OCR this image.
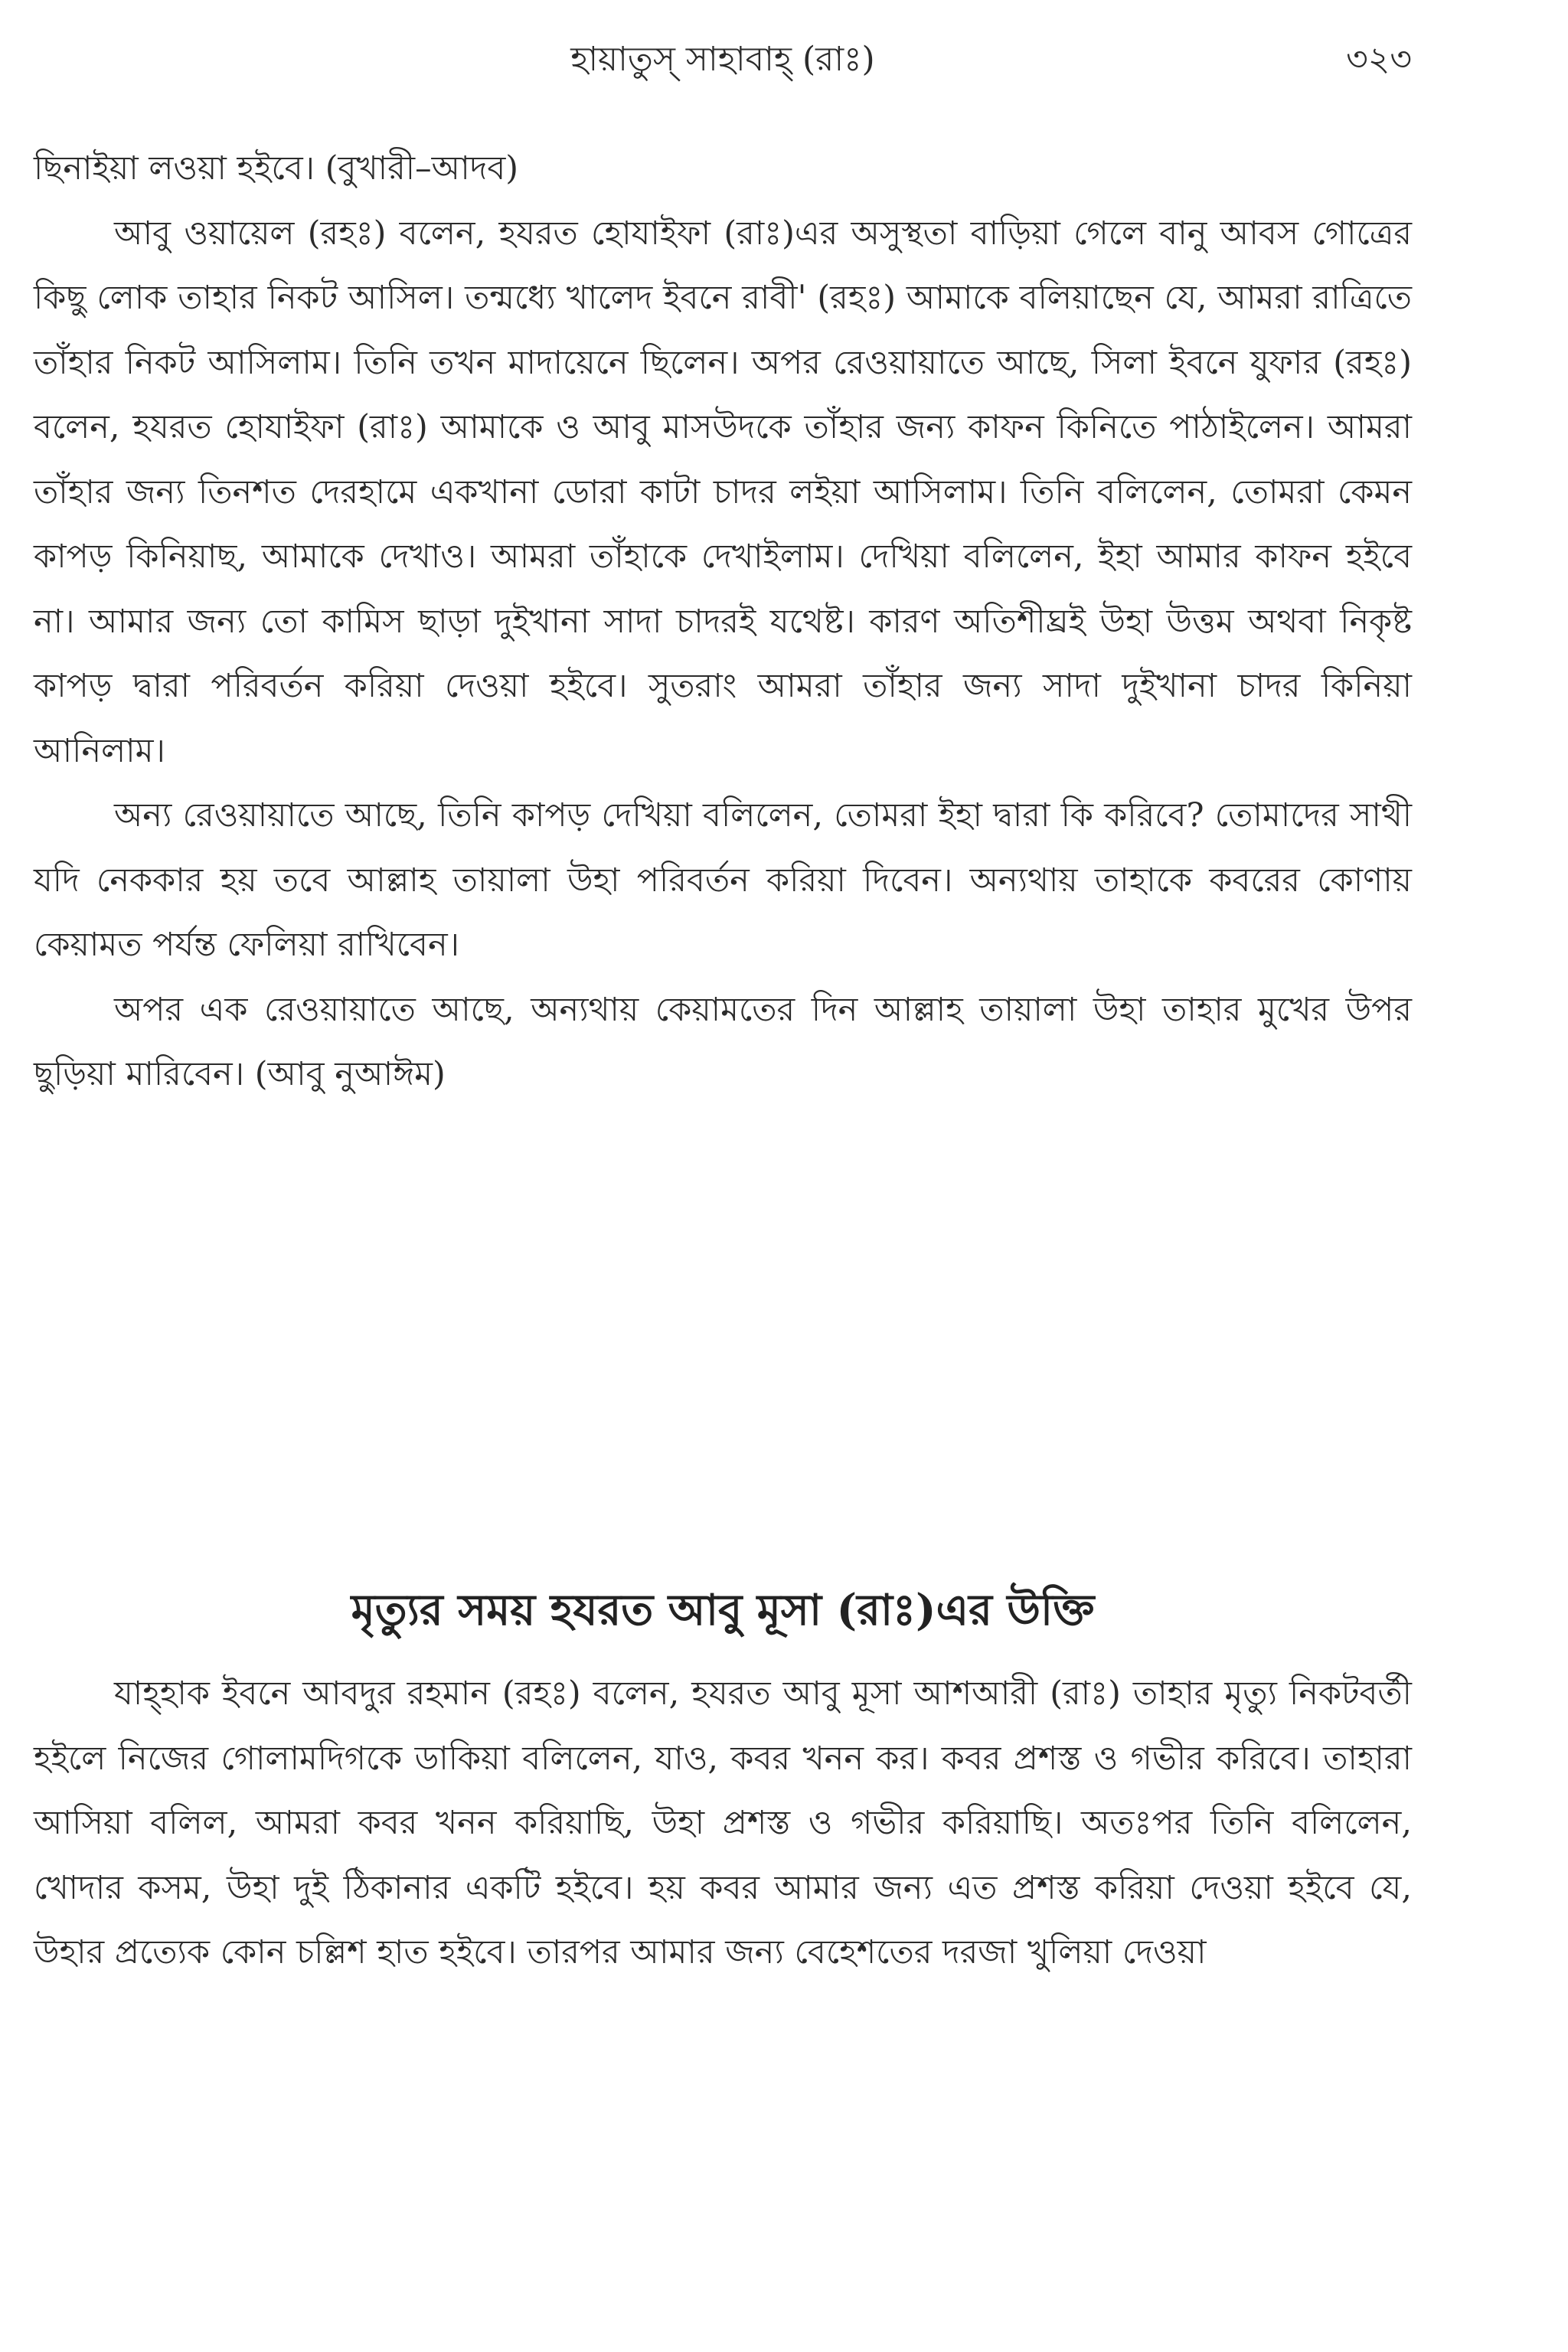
হায়াতুস্ সাহাবাহ্ (রাঃ)	৩২৩

ছিনাইয়া লওয়া হইবে। (বুখারী–আদব)

আবু ওয়ায়েল (রহঃ) বলেন, হযরত হোযাইফা (রাঃ)এর অসুস্থতা বাড়িয়া গেলে বানু আবস গোত্রের কিছু লোক তাহার নিকট আসিল। তন্মধ্যে খালেদ ইবনে রাবী' (রহঃ) আমাকে বলিয়াছেন যে, আমরা রাত্রিতে তাঁহার নিকট আসিলাম। তিনি তখন মাদায়েনে ছিলেন। অপর রেওয়ায়াতে আছে, সিলা ইবনে যুফার (রহঃ) বলেন, হযরত হোযাইফা (রাঃ) আমাকে ও আবু মাসউদকে তাঁহার জন্য কাফন কিনিতে পাঠাইলেন। আমরা তাঁহার জন্য তিনশত দেরহামে একখানা ডোরা কাটা চাদর লইয়া আসিলাম। তিনি বলিলেন, তোমরা কেমন কাপড় কিনিয়াছ, আমাকে দেখাও। আমরা তাঁহাকে দেখাইলাম। দেখিয়া বলিলেন, ইহা আমার কাফন হইবে না। আমার জন্য তো কামিস ছাড়া দুইখানা সাদা চাদরই যথেষ্ট। কারণ অতিশীঘ্রই উহা উত্তম অথবা নিকৃষ্ট কাপড় দ্বারা পরিবর্তন করিয়া দেওয়া হইবে। সুতরাং আমরা তাঁহার জন্য সাদা দুইখানা চাদর কিনিয়া আনিলাম।

অন্য রেওয়ায়াতে আছে, তিনি কাপড় দেখিয়া বলিলেন, তোমরা ইহা দ্বারা কি করিবে? তোমাদের সাথী যদি নেককার হয় তবে আল্লাহ তায়ালা উহা পরিবর্তন করিয়া দিবেন। অন্যথায় তাহাকে কবরের কোণায় কেয়ামত পর্যন্ত ফেলিয়া রাখিবেন।

অপর এক রেওয়ায়াতে আছে, অন্যথায় কেয়ামতের দিন আল্লাহ তায়ালা উহা তাহার মুখের উপর ছুড়িয়া মারিবেন। (আবু নুআঈম)

মৃত্যুর সময় হযরত আবু মূসা (রাঃ)এর উক্তি

যাহ্হাক ইবনে আবদুর রহমান (রহঃ) বলেন, হযরত আবু মূসা আশআরী (রাঃ) তাহার মৃত্যু নিকটবর্তী হইলে নিজের গোলামদিগকে ডাকিয়া বলিলেন, যাও, কবর খনন কর। কবর প্রশস্ত ও গভীর করিবে। তাহারা আসিয়া বলিল, আমরা কবর খনন করিয়াছি, উহা প্রশস্ত ও গভীর করিয়াছি। অতঃপর তিনি বলিলেন, খোদার কসম, উহা দুই ঠিকানার একটি হইবে। হয় কবর আমার জন্য এত প্রশস্ত করিয়া দেওয়া হইবে যে, উহার প্রত্যেক কোন চল্লিশ হাত হইবে। তারপর আমার জন্য বেহেশতের দরজা খুলিয়া দেওয়া
